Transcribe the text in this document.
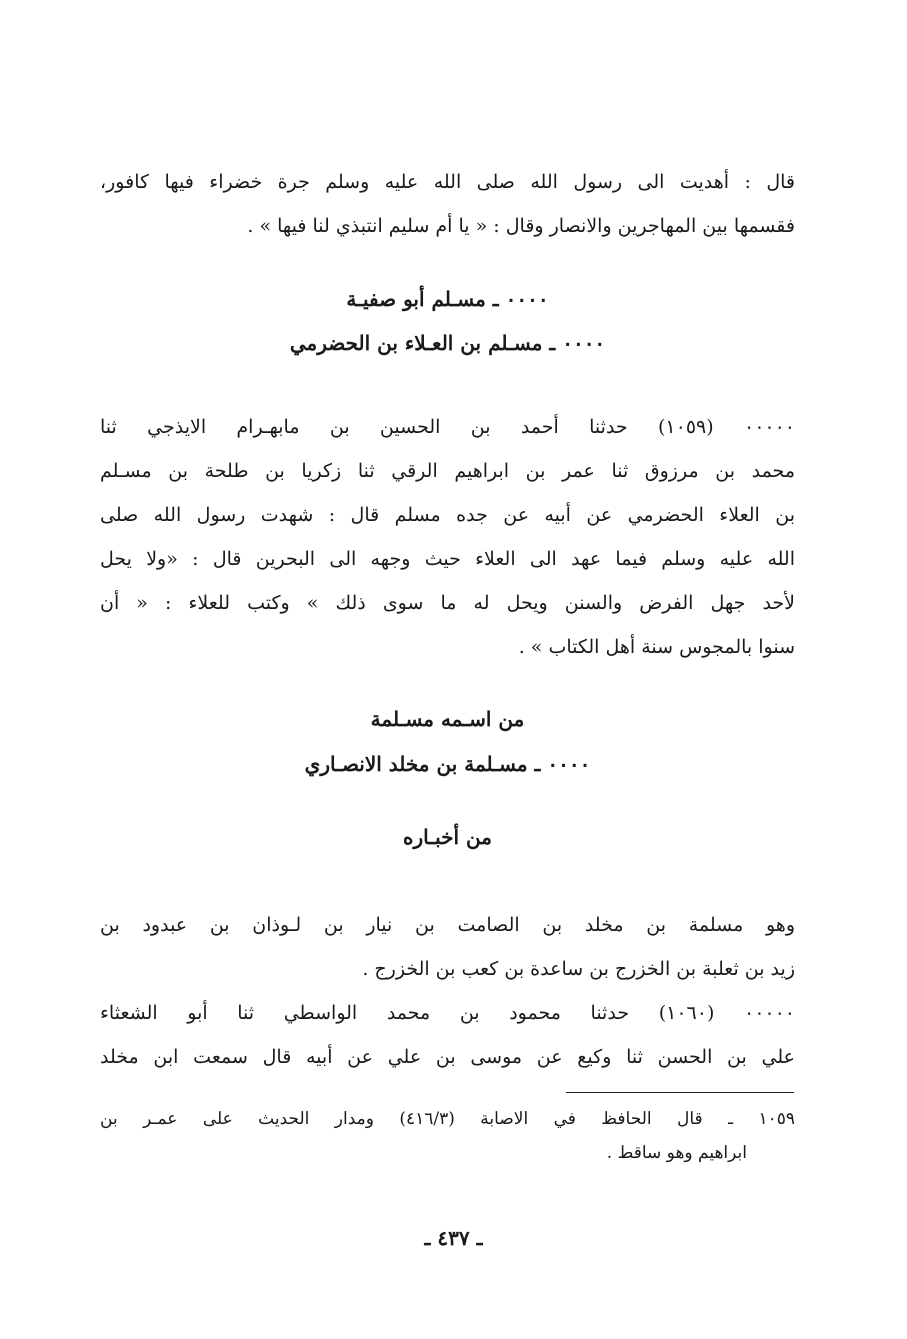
قال : أهديت الى رسول الله صلى الله عليه وسلم جرة خضراء فيها كافور،
فقسمها بين المهاجرين والانصار وقال : « يا أم سليم انتبذي لنا فيها » .
٠٠٠٠ ـ مسـلم أبو صفيـة
٠٠٠٠ ـ مسـلم بن العـلاء بن الحضرمي
٠٠٠٠٠ (١٠٥٩) حدثنا أحمد بن الحسين بن مابهـرام الايذجي ثنا
محمد بن مرزوق ثنا عمر بن ابراهيم الرقي ثنا زكريا بن طلحة بن مسـلم
بن العلاء الحضرمي عن أبيه عن جده مسلم قال : شهدت رسول الله صلى
الله عليه وسلم فيما عهد الى العلاء حيث وجهه الى البحرين قال : «ولا يحل
لأحد جهل الفرض والسنن ويحل له ما سوى ذلك » وكتب للعلاء : « أن
سنوا بالمجوس سنة أهل الكتاب » .
من اسـمه مسـلمة
٠٠٠٠ ـ مسـلمة بن مخلد الانصـاري
من أخبـاره
وهو مسلمة بن مخلد بن الصامت بن نيار بن لـوذان بن عبدود بن
زيد بن ثعلبة بن الخزرج بن ساعدة بن كعب بن الخزرج .
٠٠٠٠٠ (١٠٦٠) حدثنا محمود بن محمد الواسطي ثنا أبو الشعثاء
علي بن الحسن ثنا وكيع عن موسى بن علي عن أبيه قال سمعت ابن مخلد
١٠٥٩ ـ قال الحافظ في الاصابة (٤١٦/٣) ومدار الحديث على عمـر بن
ابراهيم وهو ساقط .
ـ ٤٣٧ ـ
